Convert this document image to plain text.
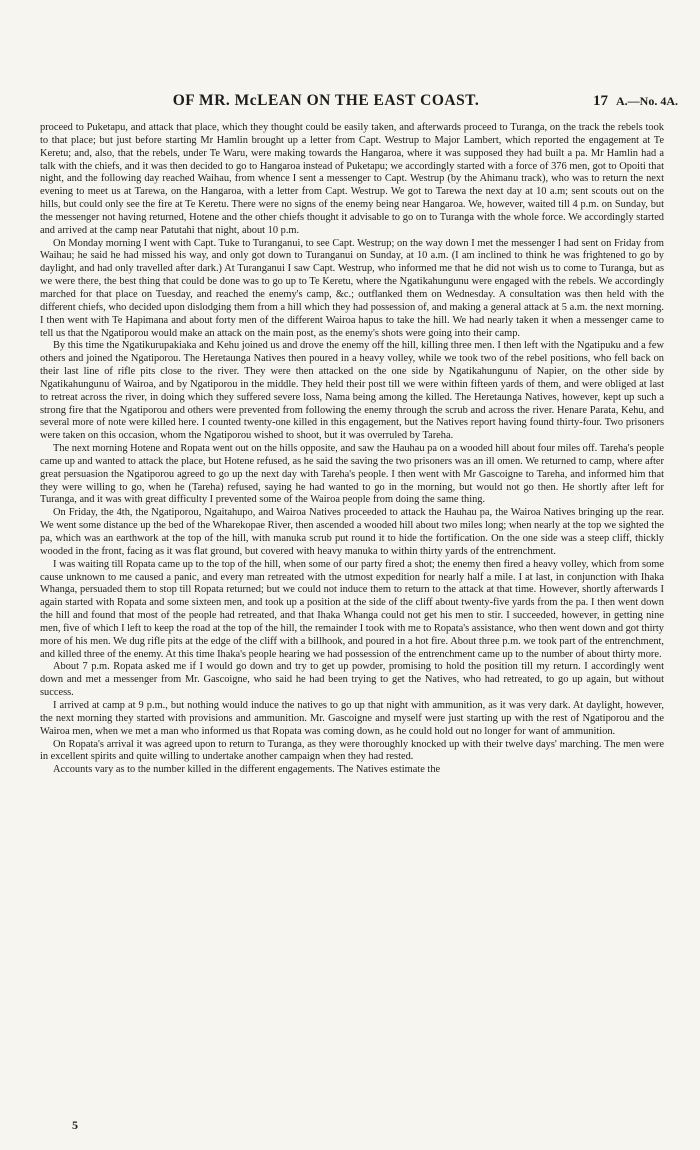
OF MR. McLEAN ON THE EAST COAST.	17 A.—No. 4A.

proceed to Puketapu, and attack that place, which they thought could be easily taken, and afterwards proceed to Turanga, on the track the rebels took to that place; but just before starting Mr Hamlin brought up a letter from Capt. Westrup to Major Lambert, which reported the engagement at Te Keretu; and, also, that the rebels, under Te Waru, were making towards the Hangaroa, where it was supposed they had built a pa. Mr Hamlin had a talk with the chiefs, and it was then decided to go to Hangaroa instead of Puketapu; we accordingly started with a force of 376 men, got to Opoiti that night, and the following day reached Waihau, from whence I sent a messenger to Capt. Westrup (by the Ahimanu track), who was to return the next evening to meet us at Tarewa, on the Hangaroa, with a letter from Capt. Westrup. We got to Tarewa the next day at 10 a.m; sent scouts out on the hills, but could only see the fire at Te Keretu. There were no signs of the enemy being near Hangaroa. We, however, waited till 4 p.m. on Sunday, but the messenger not having returned, Hotene and the other chiefs thought it advisable to go on to Turanga with the whole force. We accordingly started and arrived at the camp near Patutahi that night, about 10 p.m.

On Monday morning I went with Capt. Tuke to Turanganui, to see Capt. Westrup; on the way down I met the messenger I had sent on Friday from Waihau; he said he had missed his way, and only got down to Turanganui on Sunday, at 10 a.m. (I am inclined to think he was frightened to go by daylight, and had only travelled after dark.) At Turanganui I saw Capt. Westrup, who informed me that he did not wish us to come to Turanga, but as we were there, the best thing that could be done was to go up to Te Keretu, where the Ngatikahungunu were engaged with the rebels. We accordingly marched for that place on Tuesday, and reached the enemy's camp, &c.; outflanked them on Wednesday. A consultation was then held with the different chiefs, who decided upon dislodging them from a hill which they had possession of, and making a general attack at 5 a.m. the next morning. I then went with Te Hapimana and about forty men of the different Wairoa hapus to take the hill. We had nearly taken it when a messenger came to tell us that the Ngatiporou would make an attack on the main post, as the enemy's shots were going into their camp.

By this time the Ngatikurupakiaka and Kehu joined us and drove the enemy off the hill, killing three men. I then left with the Ngatipuku and a few others and joined the Ngatiporou. The Heretaunga Natives then poured in a heavy volley, while we took two of the rebel positions, who fell back on their last line of rifle pits close to the river. They were then attacked on the one side by Ngatikahungunu of Napier, on the other side by Ngatikahungunu of Wairoa, and by Ngatiporou in the middle. They held their post till we were within fifteen yards of them, and were obliged at last to retreat across the river, in doing which they suffered severe loss, Nama being among the killed. The Heretaunga Natives, however, kept up such a strong fire that the Ngatiporou and others were prevented from following the enemy through the scrub and across the river. Henare Parata, Kehu, and several more of note were killed here. I counted twenty-one killed in this engagement, but the Natives report having found thirty-four. Two prisoners were taken on this occasion, whom the Ngatiporou wished to shoot, but it was overruled by Tareha.

The next morning Hotene and Ropata went out on the hills opposite, and saw the Hauhau pa on a wooded hill about four miles off. Tareha's people came up and wanted to attack the place, but Hotene refused, as he said the saving the two prisoners was an ill omen. We returned to camp, where after great persuasion the Ngatiporou agreed to go up the next day with Tareha's people. I then went with Mr Gascoigne to Tareha, and informed him that they were willing to go, when he (Tareha) refused, saying he had wanted to go in the morning, but would not go then. He shortly after left for Turanga, and it was with great difficulty I prevented some of the Wairoa people from doing the same thing.

On Friday, the 4th, the Ngatiporou, Ngaitahupo, and Wairoa Natives proceeded to attack the Hauhau pa, the Wairoa Natives bringing up the rear. We went some distance up the bed of the Wharekopae River, then ascended a wooded hill about two miles long; when nearly at the top we sighted the pa, which was an earthwork at the top of the hill, with manuka scrub put round it to hide the fortification. On the one side was a steep cliff, thickly wooded in the front, facing as it was flat ground, but covered with heavy manuka to within thirty yards of the entrenchment.

I was waiting till Ropata came up to the top of the hill, when some of our party fired a shot; the enemy then fired a heavy volley, which from some cause unknown to me caused a panic, and every man retreated with the utmost expedition for nearly half a mile. I at last, in conjunction with Ihaka Whanga, persuaded them to stop till Ropata returned; but we could not induce them to return to the attack at that time. However, shortly afterwards I again started with Ropata and some sixteen men, and took up a position at the side of the cliff about twenty-five yards from the pa. I then went down the hill and found that most of the people had retreated, and that Ihaka Whanga could not get his men to stir. I succeeded, however, in getting nine men, five of which I left to keep the road at the top of the hill, the remainder I took with me to Ropata's assistance, who then went down and got thirty more of his men. We dug rifle pits at the edge of the cliff with a billhook, and poured in a hot fire. About three p.m. we took part of the entrenchment, and killed three of the enemy. At this time Ihaka's people hearing we had possession of the entrenchment came up to the number of about thirty more.

About 7 p.m. Ropata asked me if I would go down and try to get up powder, promising to hold the position till my return. I accordingly went down and met a messenger from Mr. Gascoigne, who said he had been trying to get the Natives, who had retreated, to go up again, but without success.

I arrived at camp at 9 p.m., but nothing would induce the natives to go up that night with ammunition, as it was very dark. At daylight, however, the next morning they started with provisions and ammunition. Mr. Gascoigne and myself were just starting up with the rest of Ngatiporou and the Wairoa men, when we met a man who informed us that Ropata was coming down, as he could hold out no longer for want of ammunition.

On Ropata's arrival it was agreed upon to return to Turanga, as they were thoroughly knocked up with their twelve days' marching. The men were in excellent spirits and quite willing to undertake another campaign when they had rested.

Accounts vary as to the number killed in the different engagements. The Natives estimate the

5
